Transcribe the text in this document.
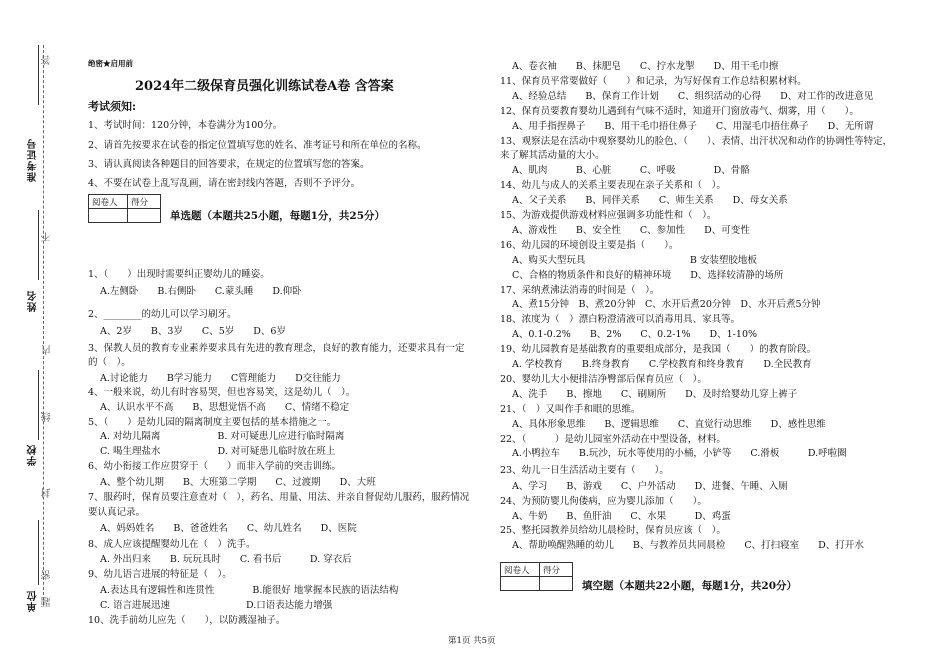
准考证号
姓名
学校
单位
答
不
内
线
封
密
题
绝密★启用前
2024年二级保育员强化训练试卷A卷 含答案
考试须知:
1、考试时间：120分钟，本卷满分为100分。
2、请首先按要求在试卷的指定位置填写您的姓名、准考证号和所在单位的名称。
3、请认真阅读各种题目的回答要求，在规定的位置填写您的答案。
4、不要在试卷上乱写乱画，请在密封线内答题，否则不予评分。
阅卷人	得分

单选题（本题共25小题，每题1分，共25分）
1、（　　）出现时需要纠正婴幼儿的睡姿。
A.左侧卧　　B.右侧卧　　C.蒙头睡　　D.仰卧
2、________的幼儿可以学习刷牙。
A、2岁　　B、3岁　　C、5岁　　D、6岁
3、保教人员的教育专业素养要求具有先进的教育理念，良好的教育能力，还要求具有一定
的（　）。
A.讨论能力　　B学习能力　　C管理能力　　D交往能力
4、一般来说，幼儿有时容易哭，但也容易笑，这是幼儿（　）。
A、认识水平不高　　B、思想觉悟不高　　C、情绪不稳定
5、（　　）是幼儿园的隔离制度主要包括的基本措施之一。
A. 对幼儿隔离　　　　　　B. 对可疑患儿应进行临时隔离
C. 喝生理盐水　　　　　　D. 对可疑患儿临时放在班上
6、幼小衔接工作应贯穿于（　　）而非入学前的突击训练。
A、整个幼儿期　　B、大班第二学期　　C、过渡期　　D、大班
7、服药时，保育员要注意查对（　），药名、用量、用法、并亲自督促幼儿服药，服药情况
要认真记录。
A、妈妈姓名　　B、爸爸姓名　　C、幼儿姓名　　D、医院
8、成人应该提醒婴幼儿在（　）洗手。
A. 外出归来　　B. 玩玩具时　　C. 看书后　　　D. 穿衣后
9、幼儿语言进展的特征是（　）。
A.表达具有逻辑性和连贯性　　　　B.能很好 地掌握本民族的语法结构
C. 语言进展迅速　　　　　　　　D.口语表达能力增强
10、洗手前幼儿应先（　　），以防溅湿袖子。
A、卷衣袖　　B、抹肥皂　　C、拧水龙掣　　D、用干毛巾擦
11、保育员平常要做好（　　）和记录，为写好保育工作总结积累材料。
A、经验总结　　B、保育工作计划　　C、组织活动的心得　　D、对工作的改进意见
12、保育员要教育婴幼儿遇到有气味不适时，知道开门窗放毒气、烟雾，用（　　）。
A、用手指捏鼻子　　B、用干毛巾捂住鼻子　　C、用湿毛巾捂住鼻子　　D、无所谓
13、观察法是在活动中观察婴幼儿的脸色、（　　）、表情、出汗状况和动作的协调性等特定，
来了解其活动量的大小。
A、肌肉　　　B、心脏　　　C、呼吸　　　　D、骨骼
14、幼儿与成人的关系主要表现在亲子关系和（　）。
A、父子关系　　B、同伴关系　　C、师生关系　　D、母女关系
15、为游戏提供游戏材料应强调多功能性和（　）。
A、游戏性　　B、安全性　　C、参加性　　D、可变性
16、幼儿园的环境创设主要是指（　　）。
A、购买大型玩具　　　　　　　　　　　B 安装塑胶地板
C、合格的物质条件和良好的精神环境　　D、选择较清静的场所
17、采纳煮沸法消毒的时间是（　）。
A、煮15分钟　B、煮20分钟　C、水开后煮20分钟　D、水开后煮5分钟
18、浓度为（　）漂白粉澄清液可以消毒用具、家具等。
A、0.1-0.2%　　B、2%　　C、0.2-1%　　D、1-10%
19、幼儿园教育是基础教育的重要组成部分，是我国（　　）的教育阶段。
A. 学校教育　　B.终身教育　　C.学校教育和终身教育　　D.全民教育
20、婴幼儿大小便排洁净臀部后保育员应（　）。
A、洗手　　B、擦地　　C、刷厕所　　D、及时给婴幼儿穿上裤子
21、（　）又叫作手和眼的思维。
A、具体形象思维　　B、逻辑思维　　C、直觉行动思维　　D、感性思维
22、（　　　）是幼儿园室外活动在中型设备，材料。
A.小鸭拉车　　B.玩沙，玩水等使用的小桶，小铲等　　C.滑板　　　D.呼啦圈
23、幼儿一日生活活动主要有（　　）。
A、学习　　B、游戏　　C、户外活动　　D、进餐、午睡、入厕
24、为预防婴儿佝偻病，应为婴儿添加（　　）。
A、牛奶　　B、鱼肝油　　C、水果　　　D、鸡蛋
25、整托园教养员给幼儿晨检时，保育员应该（　）。
A、帮助唤醒熟睡的幼儿　　B、与教养员共同晨检　　C、打扫寝室　　D、打开水
阅卷人	得分

填空题（本题共22小题，每题1分，共20分）
第1页 共5页
